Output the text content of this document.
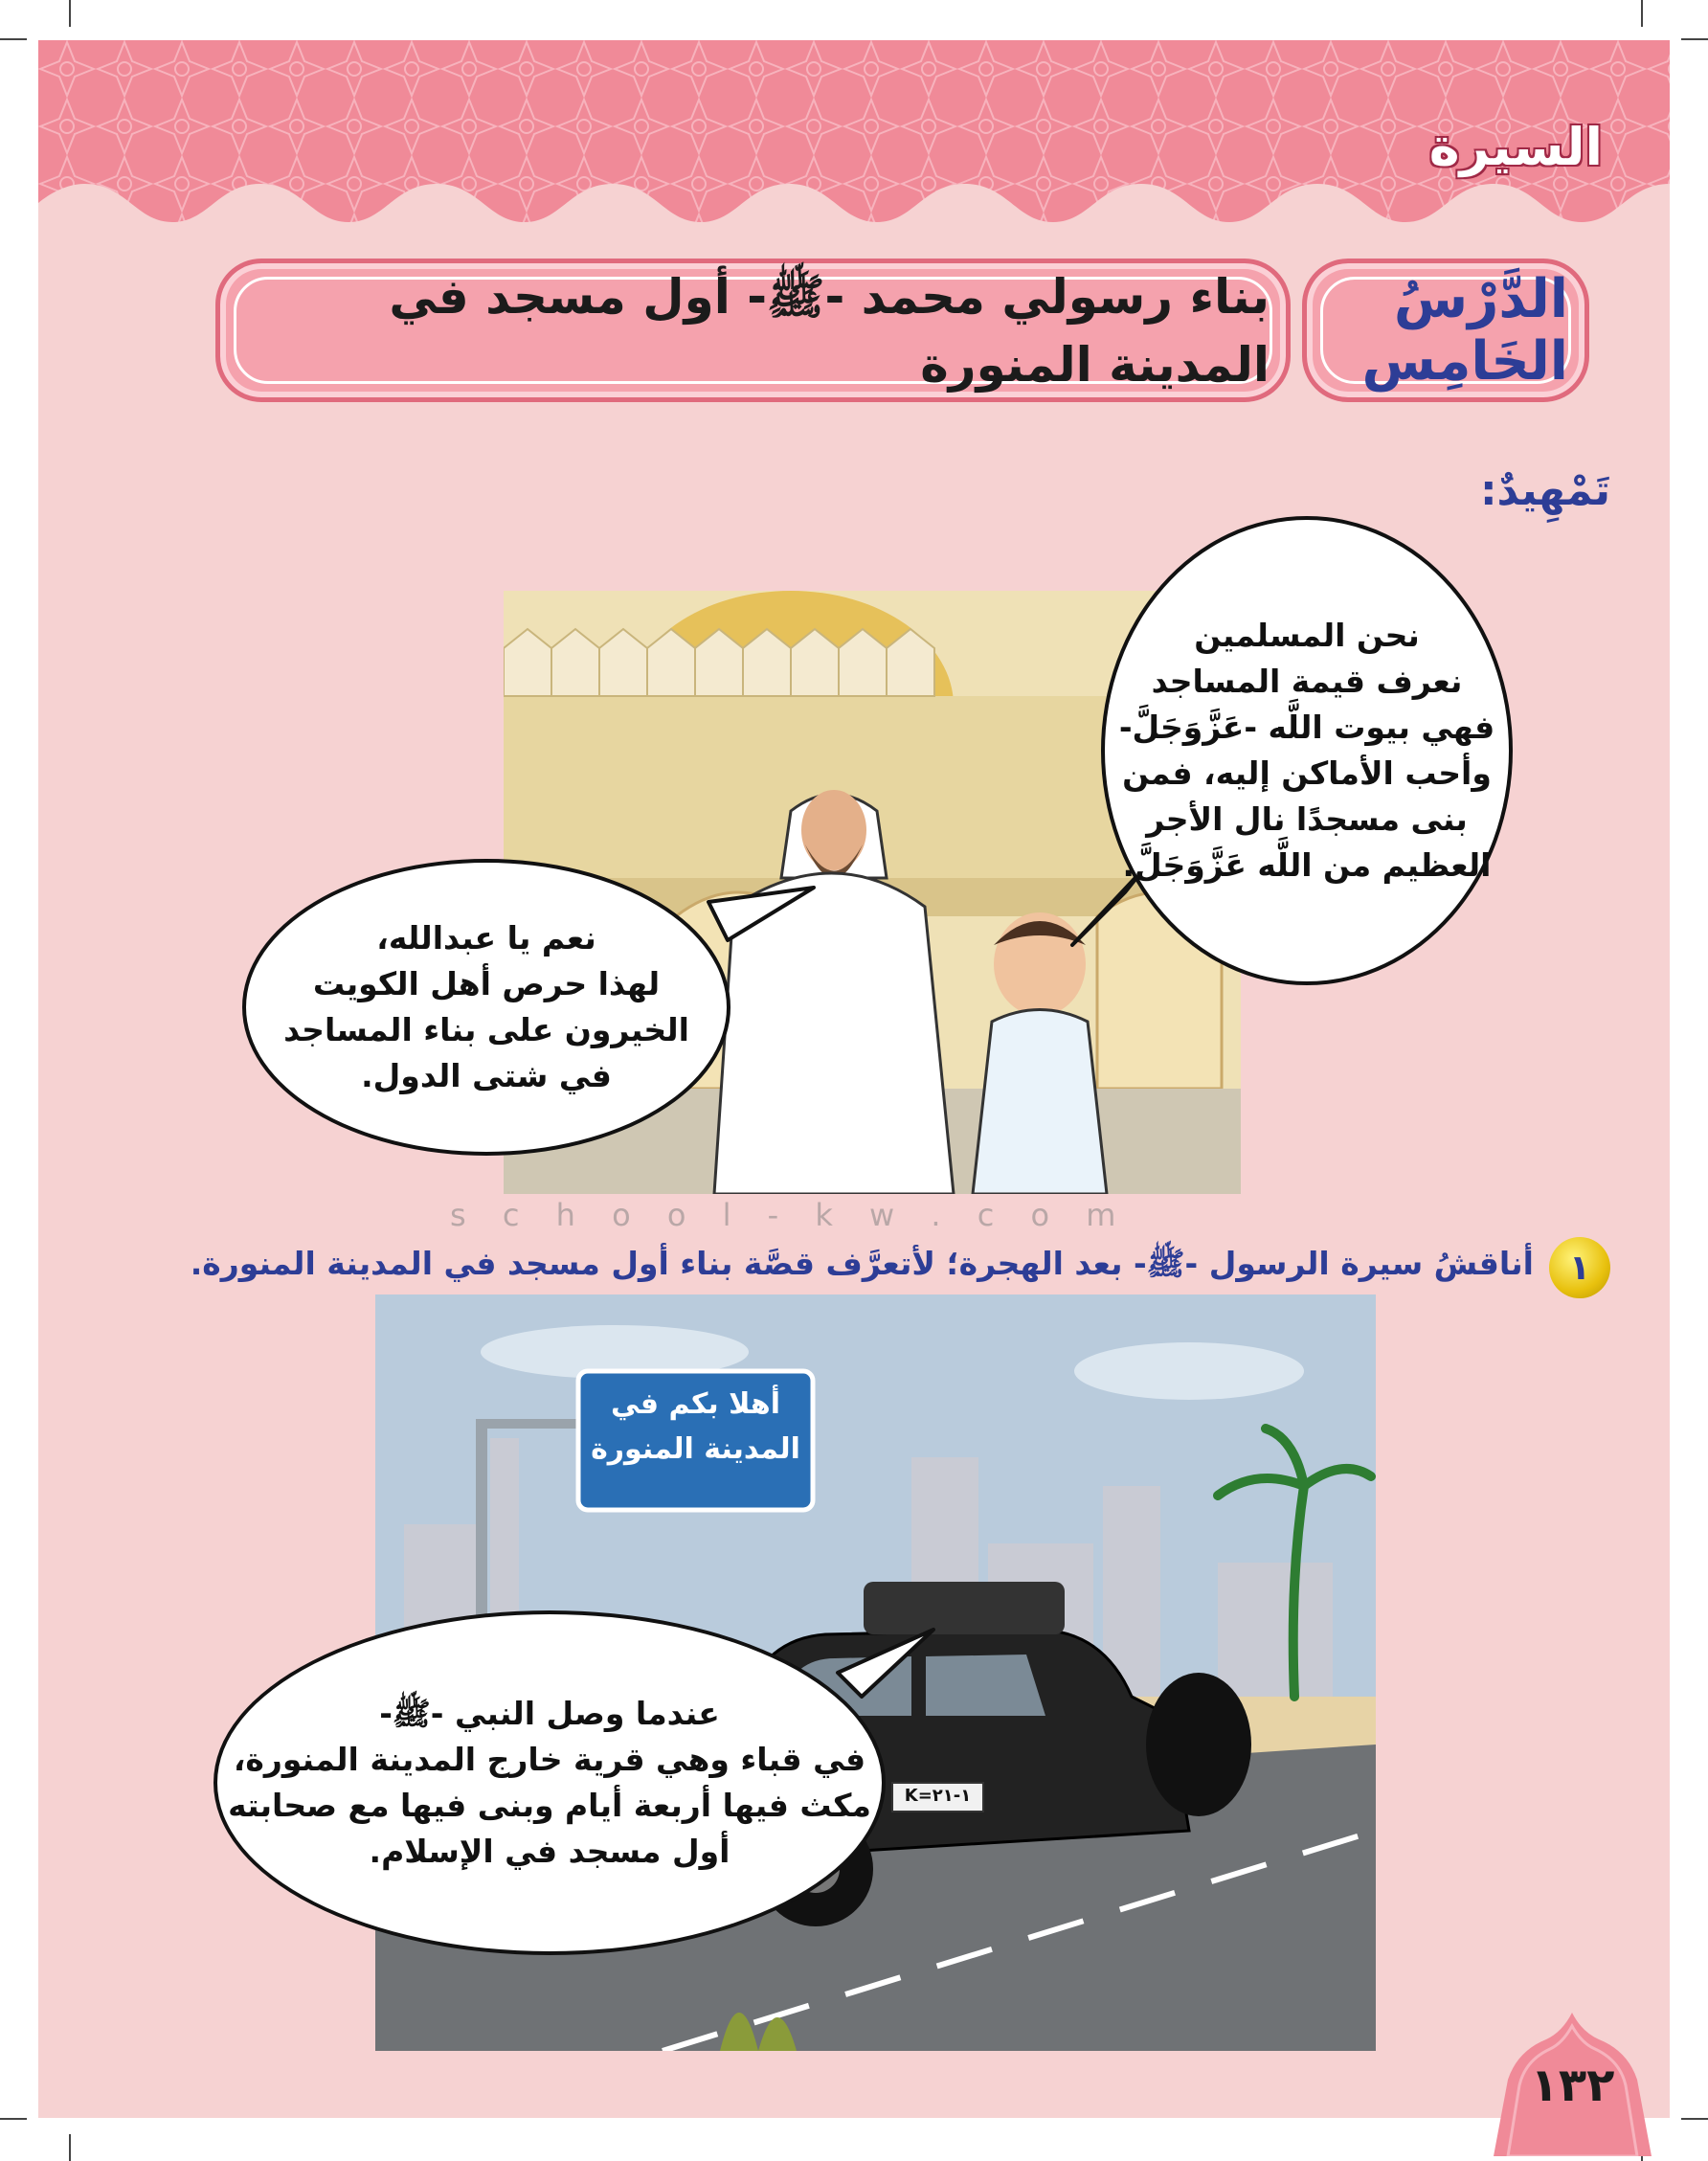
السيرة
الدَّرْسُ الخَامِس
بناء رسولي محمد -ﷺ- أول مسجد في المدينة المنورة
تَمْهِيدٌ:
نحن المسلمين
نعرف قيمة المساجد
فهي بيوت اللَّه -عَزَّوَجَلَّ-
وأحب الأماكن إليه، فمن
بنى مسجدًا نال الأجر
العظيم من اللَّه عَزَّوَجَلَّ.
نعم يا عبدالله،
لهذا حرص أهل الكويت
الخيرون على بناء المساجد
في شتى الدول.
s c h o o l - k w . c o m
١
أناقشُ سيرة الرسول -ﷺ- بعد الهجرة؛ لأتعرَّف قصَّة بناء أول مسجد في المدينة المنورة.
أهلا بكم في
المدينة المنورة
K=١-٢١
عندما وصل النبي -ﷺ-
في قباء وهي قرية خارج المدينة المنورة،
مكث فيها أربعة أيام وبنى فيها مع صحابته
أول مسجد في الإسلام.
١٣٢
